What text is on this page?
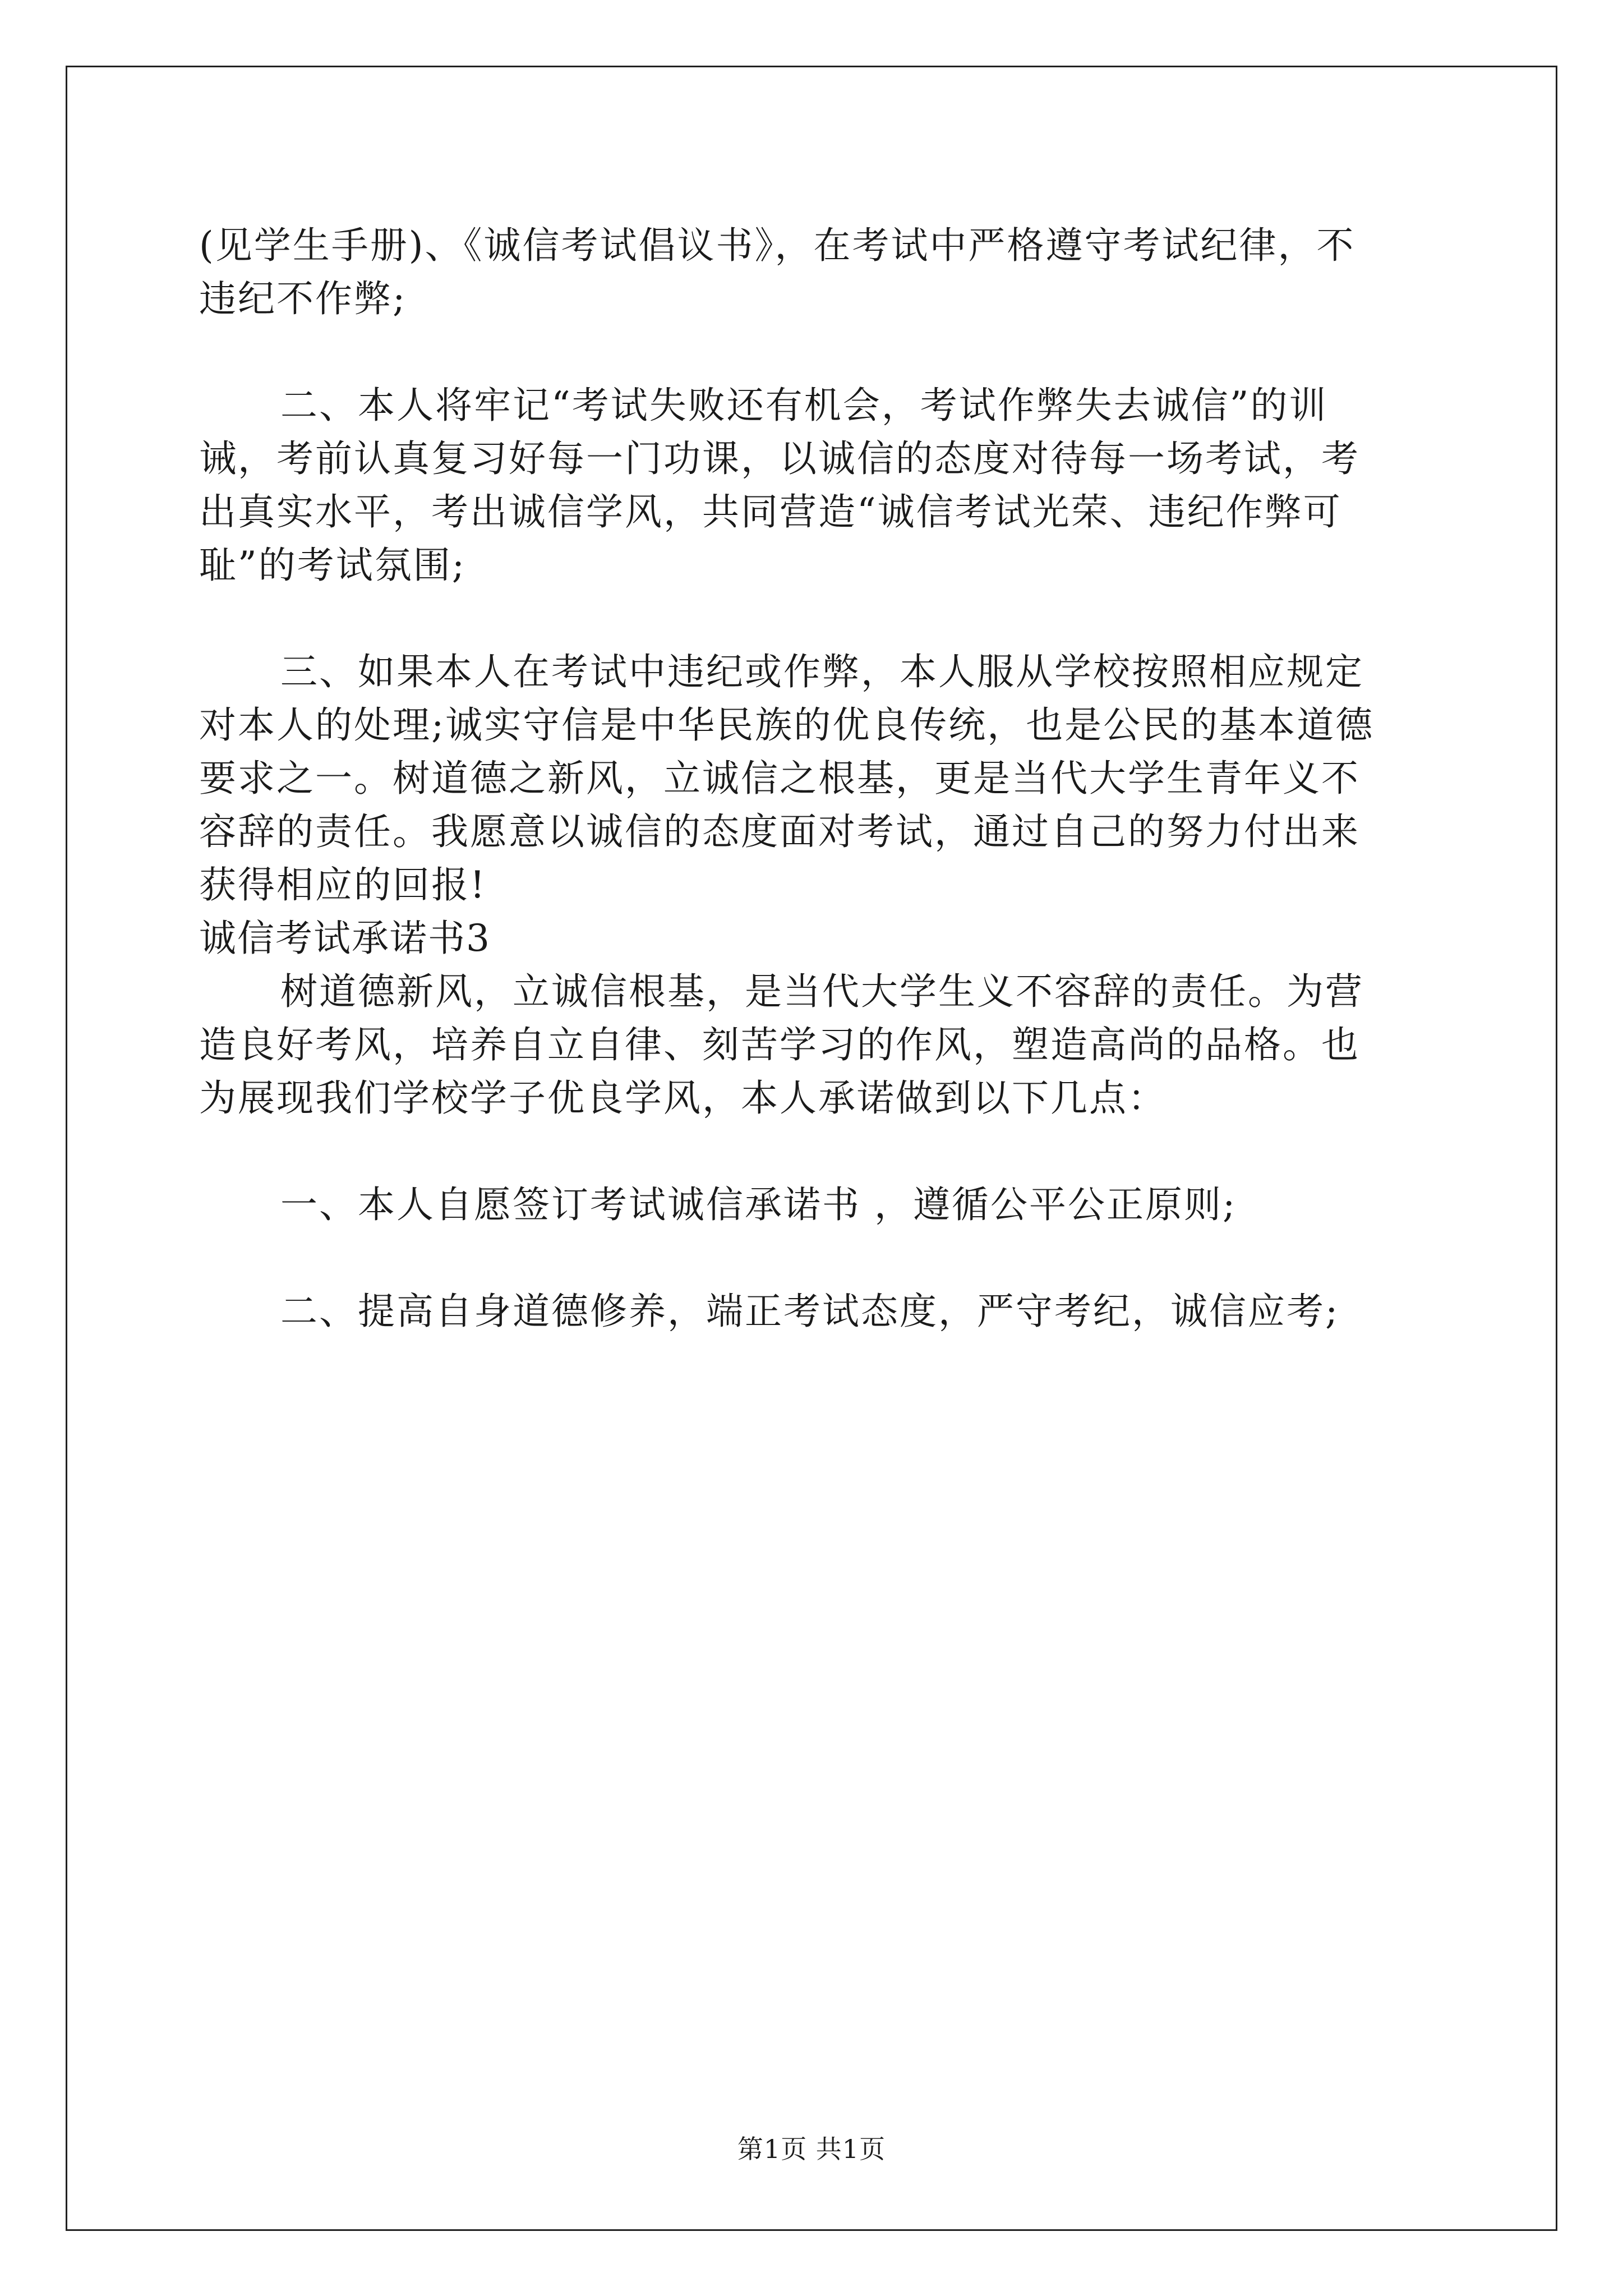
(见学生手册)、《诚信考试倡议书》，在考试中严格遵守考试纪律，不
违纪不作弊;
二、本人将牢记“考试失败还有机会，考试作弊失去诚信”的训
诫，考前认真复习好每一门功课，以诚信的态度对待每一场考试，考
出真实水平，考出诚信学风，共同营造“诚信考试光荣、违纪作弊可
耻”的考试氛围;
三、如果本人在考试中违纪或作弊，本人服从学校按照相应规定
对本人的处理;诚实守信是中华民族的优良传统，也是公民的基本道德
要求之一。树道德之新风，立诚信之根基，更是当代大学生青年义不
容辞的责任。我愿意以诚信的态度面对考试，通过自己的努力付出来
获得相应的回报!
诚信考试承诺书3
树道德新风，立诚信根基，是当代大学生义不容辞的责任。为营
造良好考风，培养自立自律、刻苦学习的作风，塑造高尚的品格。也
为展现我们学校学子优良学风，本人承诺做到以下几点：
一、本人自愿签订考试诚信承诺书 ，遵循公平公正原则;
二、提高自身道德修养，端正考试态度，严守考纪，诚信应考;
第1页 共1页
